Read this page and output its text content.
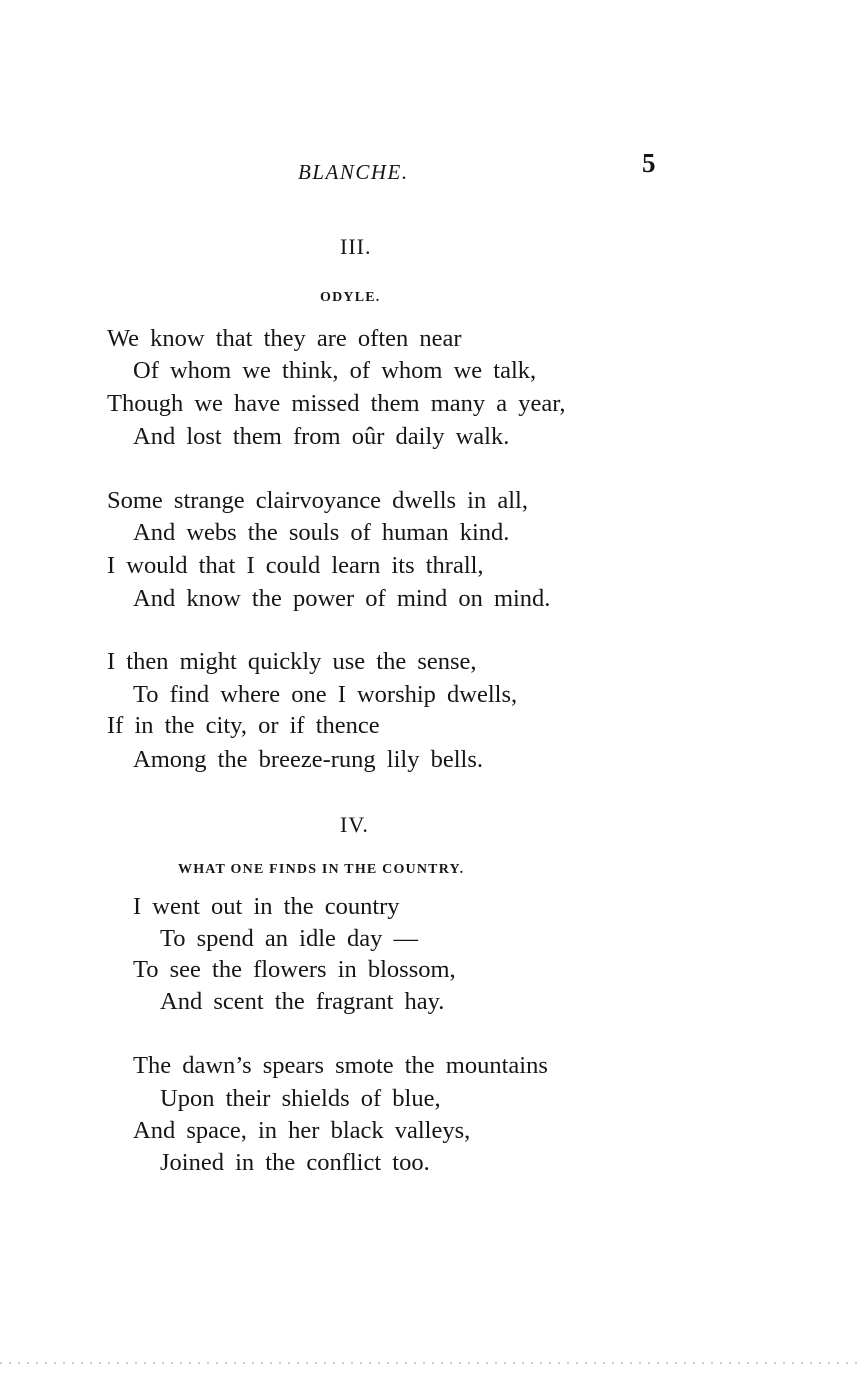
BLANCHE.	5
III.
ODYLE.
We know that they are often near
Of whom we think, of whom we talk,
Though we have missed them many a year,
And lost them from oûr daily walk.
Some strange clairvoyance dwells in all,
And webs the souls of human kind.
I would that I could learn its thrall,
And know the power of mind on mind.
I then might quickly use the sense,
To find where one I worship dwells,
If in the city, or if thence
Among the breeze-rung lily bells.
IV.
WHAT ONE FINDS IN THE COUNTRY.
I went out in the country
To spend an idle day —
To see the flowers in blossom,
And scent the fragrant hay.
The dawn’s spears smote the mountains
Upon their shields of blue,
And space, in her black valleys,
Joined in the conflict too.
